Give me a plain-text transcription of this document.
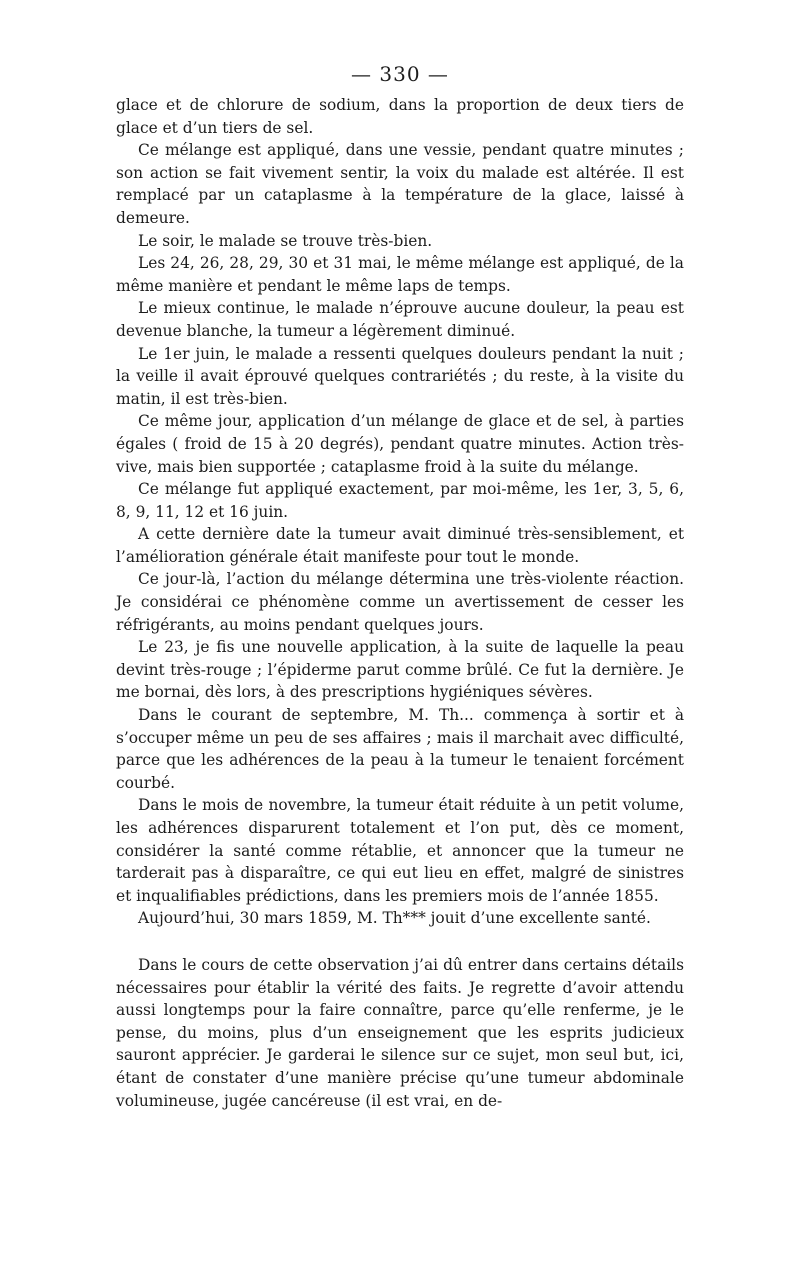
— 330 —

glace et de chlorure de sodium, dans la proportion de deux tiers de glace et d’un tiers de sel.

Ce mélange est appliqué, dans une vessie, pendant quatre minutes ; son action se fait vivement sentir, la voix du malade est altérée. Il est remplacé par un cataplasme à la température de la glace, laissé à demeure.

Le soir, le malade se trouve très-bien.

Les 24, 26, 28, 29, 30 et 31 mai, le même mélange est appliqué, de la même manière et pendant le même laps de temps.

Le mieux continue, le malade n’éprouve aucune douleur, la peau est devenue blanche, la tumeur a légèrement diminué.

Le 1er juin, le malade a ressenti quelques douleurs pendant la nuit ; la veille il avait éprouvé quelques contrariétés ; du reste, à la visite du matin, il est très-bien.

Ce même jour, application d’un mélange de glace et de sel, à parties égales ( froid de 15 à 20 degrés), pendant quatre minutes. Action très-vive, mais bien supportée ; cataplasme froid à la suite du mélange.

Ce mélange fut appliqué exactement, par moi-même, les 1er, 3, 5, 6, 8, 9, 11, 12 et 16 juin.

A cette dernière date la tumeur avait diminué très-sensiblement, et l’amélioration générale était manifeste pour tout le monde.

Ce jour-là, l’action du mélange détermina une très-violente réaction. Je considérai ce phénomène comme un avertissement de cesser les réfrigérants, au moins pendant quelques jours.

Le 23, je fis une nouvelle application, à la suite de laquelle la peau devint très-rouge ; l’épiderme parut comme brûlé. Ce fut la dernière. Je me bornai, dès lors, à des prescriptions hygiéniques sévères.

Dans le courant de septembre, M. Th... commença à sortir et à s’occuper même un peu de ses affaires ; mais il marchait avec difficulté, parce que les adhérences de la peau à la tumeur le tenaient forcément courbé.

Dans le mois de novembre, la tumeur était réduite à un petit volume, les adhérences disparurent totalement et l’on put, dès ce moment, considérer la santé comme rétablie, et annoncer que la tumeur ne tarderait pas à disparaître, ce qui eut lieu en effet, malgré de sinistres et inqualifiables prédictions, dans les premiers mois de l’année 1855.

Aujourd’hui, 30 mars 1859, M. Th*** jouit d’une excellente santé.

Dans le cours de cette observation j’ai dû entrer dans certains détails nécessaires pour établir la vérité des faits. Je regrette d’avoir attendu aussi longtemps pour la faire connaître, parce qu’elle renferme, je le pense, du moins, plus d’un enseignement que les esprits judicieux sauront apprécier. Je garderai le silence sur ce sujet, mon seul but, ici, étant de constater d’une manière précise qu’une tumeur abdominale volumineuse, jugée cancéreuse (il est vrai, en de-
